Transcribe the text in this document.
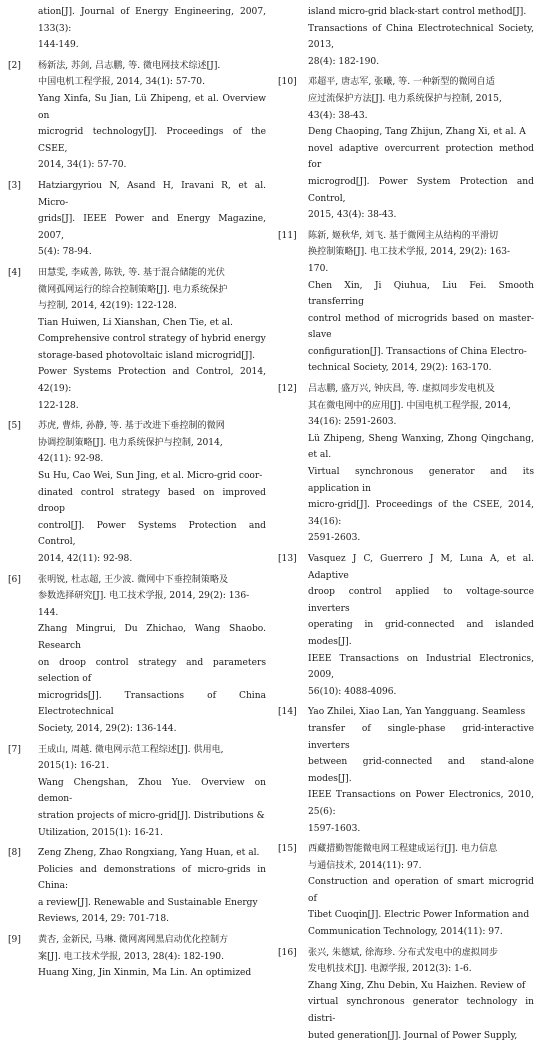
ation[J]. Journal of Energy Engineering, 2007, 133(3):
144-149.
[2]	杨新法, 苏剑, 吕志鹏, 等. 微电网技术综述[J].
中国电机工程学报, 2014, 34(1): 57-70.
Yang Xinfa, Su Jian, Lü Zhipeng, et al. Overview on
microgrid technology[J]. Proceedings of the CSEE,
2014, 34(1): 57-70.
[3]	Hatziargyriou N, Asand H, Iravani R, et al. Micro-
grids[J]. IEEE Power and Energy Magazine, 2007,
5(4): 78-94.
[4]	田慧雯, 李咸善, 陈铁, 等. 基于混合储能的光伏
微网孤网运行的综合控制策略[J]. 电力系统保护
与控制, 2014, 42(19): 122-128.
Tian Huiwen, Li Xianshan, Chen Tie, et al.
Comprehensive control strategy of hybrid energy
storage-based photovoltaic island microgrid[J].
Power Systems Protection and Control, 2014, 42(19):
122-128.
[5]	苏虎, 曹炜, 孙静, 等. 基于改进下垂控制的微网
协调控制策略[J]. 电力系统保护与控制, 2014,
42(11): 92-98.
Su Hu, Cao Wei, Sun Jing, et al. Micro-grid coor-
dinated control strategy based on improved droop
control[J]. Power Systems Protection and Control,
2014, 42(11): 92-98.
[6]	张明锐, 杜志超, 王少波. 微网中下垂控制策略及
参数选择研究[J]. 电工技术学报, 2014, 29(2): 136-
144.
Zhang Mingrui, Du Zhichao, Wang Shaobo. Research
on droop control strategy and parameters selection of
microgrids[J]. Transactions of China Electrotechnical
Society, 2014, 29(2): 136-144.
[7]	王成山, 周越. 微电网示范工程综述[J]. 供用电,
2015(1): 16-21.
Wang Chengshan, Zhou Yue. Overview on demon-
stration projects of micro-grid[J]. Distributions &
Utilization, 2015(1): 16-21.
[8]	Zeng Zheng, Zhao Rongxiang, Yang Huan, et al.
Policies and demonstrations of micro-grids in China:
a review[J]. Renewable and Sustainable Energy
Reviews, 2014, 29: 701-718.
[9]	黄杏, 金新民, 马琳. 微网离网黑启动优化控制方
案[J]. 电工技术学报, 2013, 28(4): 182-190.
Huang Xing, Jin Xinmin, Ma Lin. An optimized
island micro-grid black-start control method[J].
Transactions of China Electrotechnical Society, 2013,
28(4): 182-190.
[10]	邓超平, 唐志军, 张曦, 等. 一种新型的微网自适
应过流保护方法[J]. 电力系统保护与控制, 2015,
43(4): 38-43.
Deng Chaoping, Tang Zhijun, Zhang Xi, et al. A
novel adaptive overcurrent protection method for
microgrod[J]. Power System Protection and Control,
2015, 43(4): 38-43.
[11]	陈新, 姬秋华, 刘飞. 基于微网主从结构的平滑切
换控制策略[J]. 电工技术学报, 2014, 29(2): 163-
170.
Chen Xin, Ji Qiuhua, Liu Fei. Smooth transferring
control method of microgrids based on master-slave
configuration[J]. Transactions of China Electro-
technical Society, 2014, 29(2): 163-170.
[12]	吕志鹏, 盛万兴, 钟庆昌, 等. 虚拟同步发电机及
其在微电网中的应用[J]. 中国电机工程学报, 2014,
34(16): 2591-2603.
Lü Zhipeng, Sheng Wanxing, Zhong Qingchang, et al.
Virtual synchronous generator and its application in
micro-grid[J]. Proceedings of the CSEE, 2014, 34(16):
2591-2603.
[13]	Vasquez J C, Guerrero J M, Luna A, et al. Adaptive
droop control applied to voltage-source inverters
operating in grid-connected and islanded modes[J].
IEEE Transactions on Industrial Electronics, 2009,
56(10): 4088-4096.
[14]	Yao Zhilei, Xiao Lan, Yan Yangguang. Seamless
transfer of single-phase grid-interactive inverters
between grid-connected and stand-alone modes[J].
IEEE Transactions on Power Electronics, 2010, 25(6):
1597-1603.
[15]	西藏措勤智能微电网工程建成运行[J]. 电力信息
与通信技术, 2014(11): 97.
Construction and operation of smart microgrid of
Tibet Cuoqin[J]. Electric Power Information and
Communication Technology, 2014(11): 97.
[16]	张兴, 朱德斌, 徐海珍. 分布式发电中的虚拟同步
发电机技术[J]. 电源学报, 2012(3): 1-6.
Zhang Xing, Zhu Debin, Xu Haizhen. Review of
virtual synchronous generator technology in distri-
buted generation[J]. Journal of Power Supply,
